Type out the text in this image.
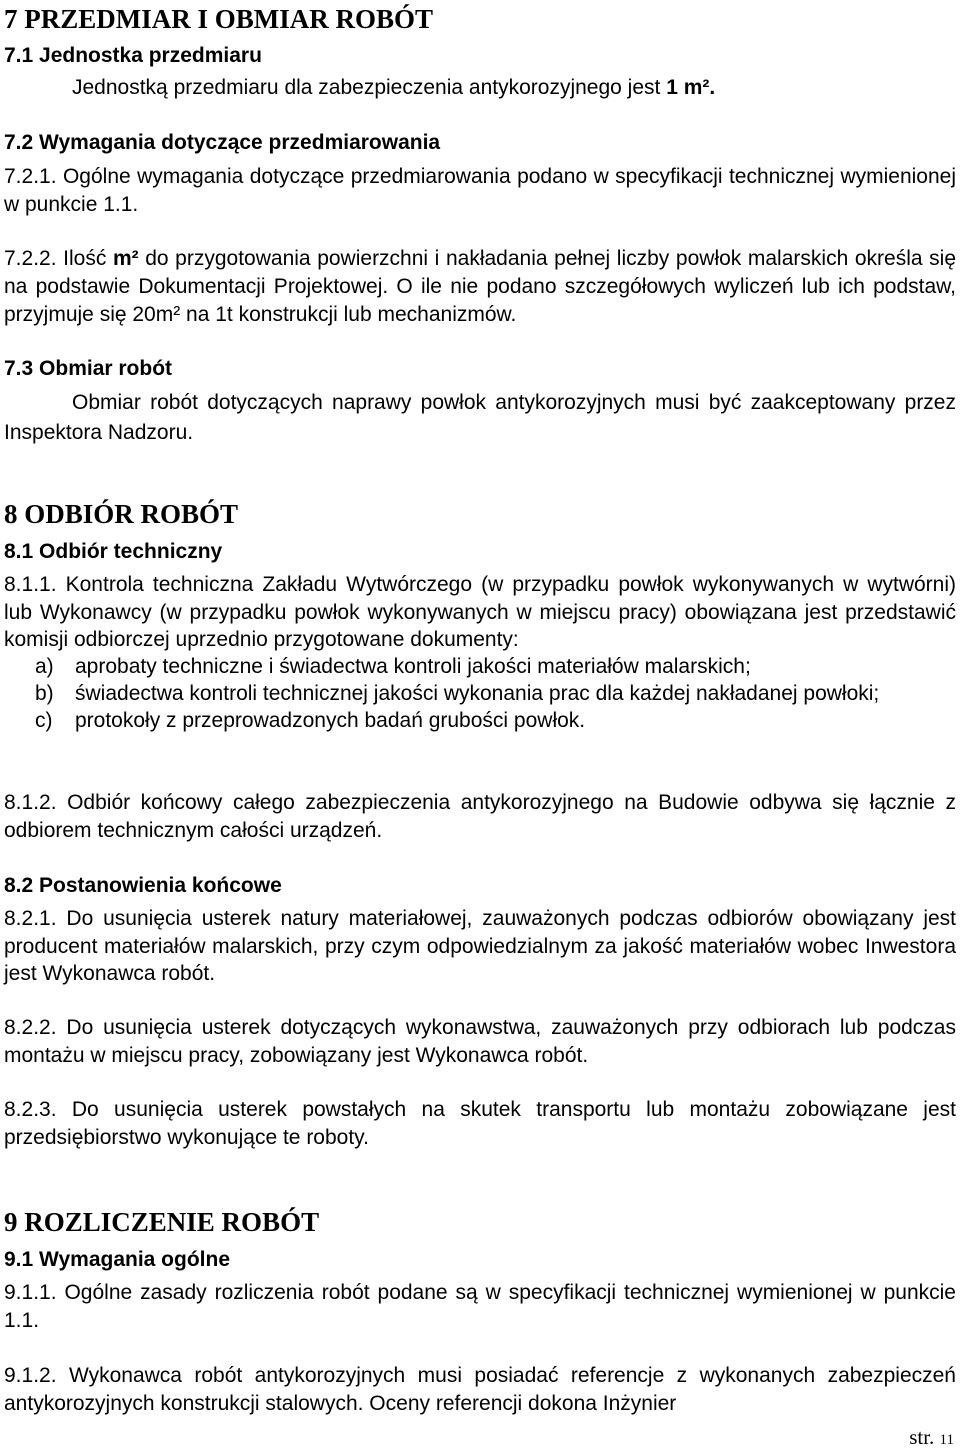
7 PRZEDMIAR I OBMIAR ROBÓT
7.1 Jednostka przedmiaru

Jednostką przedmiaru dla zabezpieczenia antykorozyjnego jest 1 m².

7.2 Wymagania dotyczące przedmiarowania

7.2.1. Ogólne wymagania dotyczące przedmiarowania podano w specyfikacji technicznej wymienionej w punkcie 1.1.

7.2.2. Ilość m² do przygotowania powierzchni i nakładania pełnej liczby powłok malarskich określa się na podstawie Dokumentacji Projektowej. O ile nie podano szczegółowych wyliczeń lub ich podstaw, przyjmuje się 20m² na 1t konstrukcji lub mechanizmów.

7.3 Obmiar robót

Obmiar robót dotyczących naprawy powłok antykorozyjnych musi być zaakceptowany przez Inspektora Nadzoru.

8 ODBIÓR ROBÓT
8.1 Odbiór techniczny

8.1.1. Kontrola techniczna Zakładu Wytwórczego (w przypadku powłok wykonywanych w wytwórni) lub Wykonawcy (w przypadku powłok wykonywanych w miejscu pracy) obowiązana jest przedstawić komisji odbiorczej uprzednio przygotowane dokumenty:

a)	aprobaty techniczne i świadectwa kontroli jakości materiałów malarskich;
b)	świadectwa kontroli technicznej jakości wykonania prac dla każdej nakładanej powłoki;
c)	protokoły z przeprowadzonych badań grubości powłok.

8.1.2. Odbiór końcowy całego zabezpieczenia antykorozyjnego na Budowie odbywa się łącznie z odbiorem technicznym całości urządzeń.

8.2 Postanowienia końcowe

8.2.1. Do usunięcia usterek natury materiałowej, zauważonych podczas odbiorów obowiązany jest producent materiałów malarskich, przy czym odpowiedzialnym za jakość materiałów wobec Inwestora jest Wykonawca robót.

8.2.2. Do usunięcia usterek dotyczących wykonawstwa, zauważonych przy odbiorach lub podczas montażu w miejscu pracy, zobowiązany jest Wykonawca robót.

8.2.3. Do usunięcia usterek powstałych na skutek transportu lub montażu zobowiązane jest przedsiębiorstwo wykonujące te roboty.

9 ROZLICZENIE ROBÓT
9.1 Wymagania ogólne

9.1.1. Ogólne zasady rozliczenia robót podane są w specyfikacji technicznej wymienionej w punkcie 1.1.

9.1.2. Wykonawca robót antykorozyjnych musi posiadać referencje z wykonanych zabezpieczeń antykorozyjnych konstrukcji stalowych. Oceny referencji dokona Inżynier

str. 11
